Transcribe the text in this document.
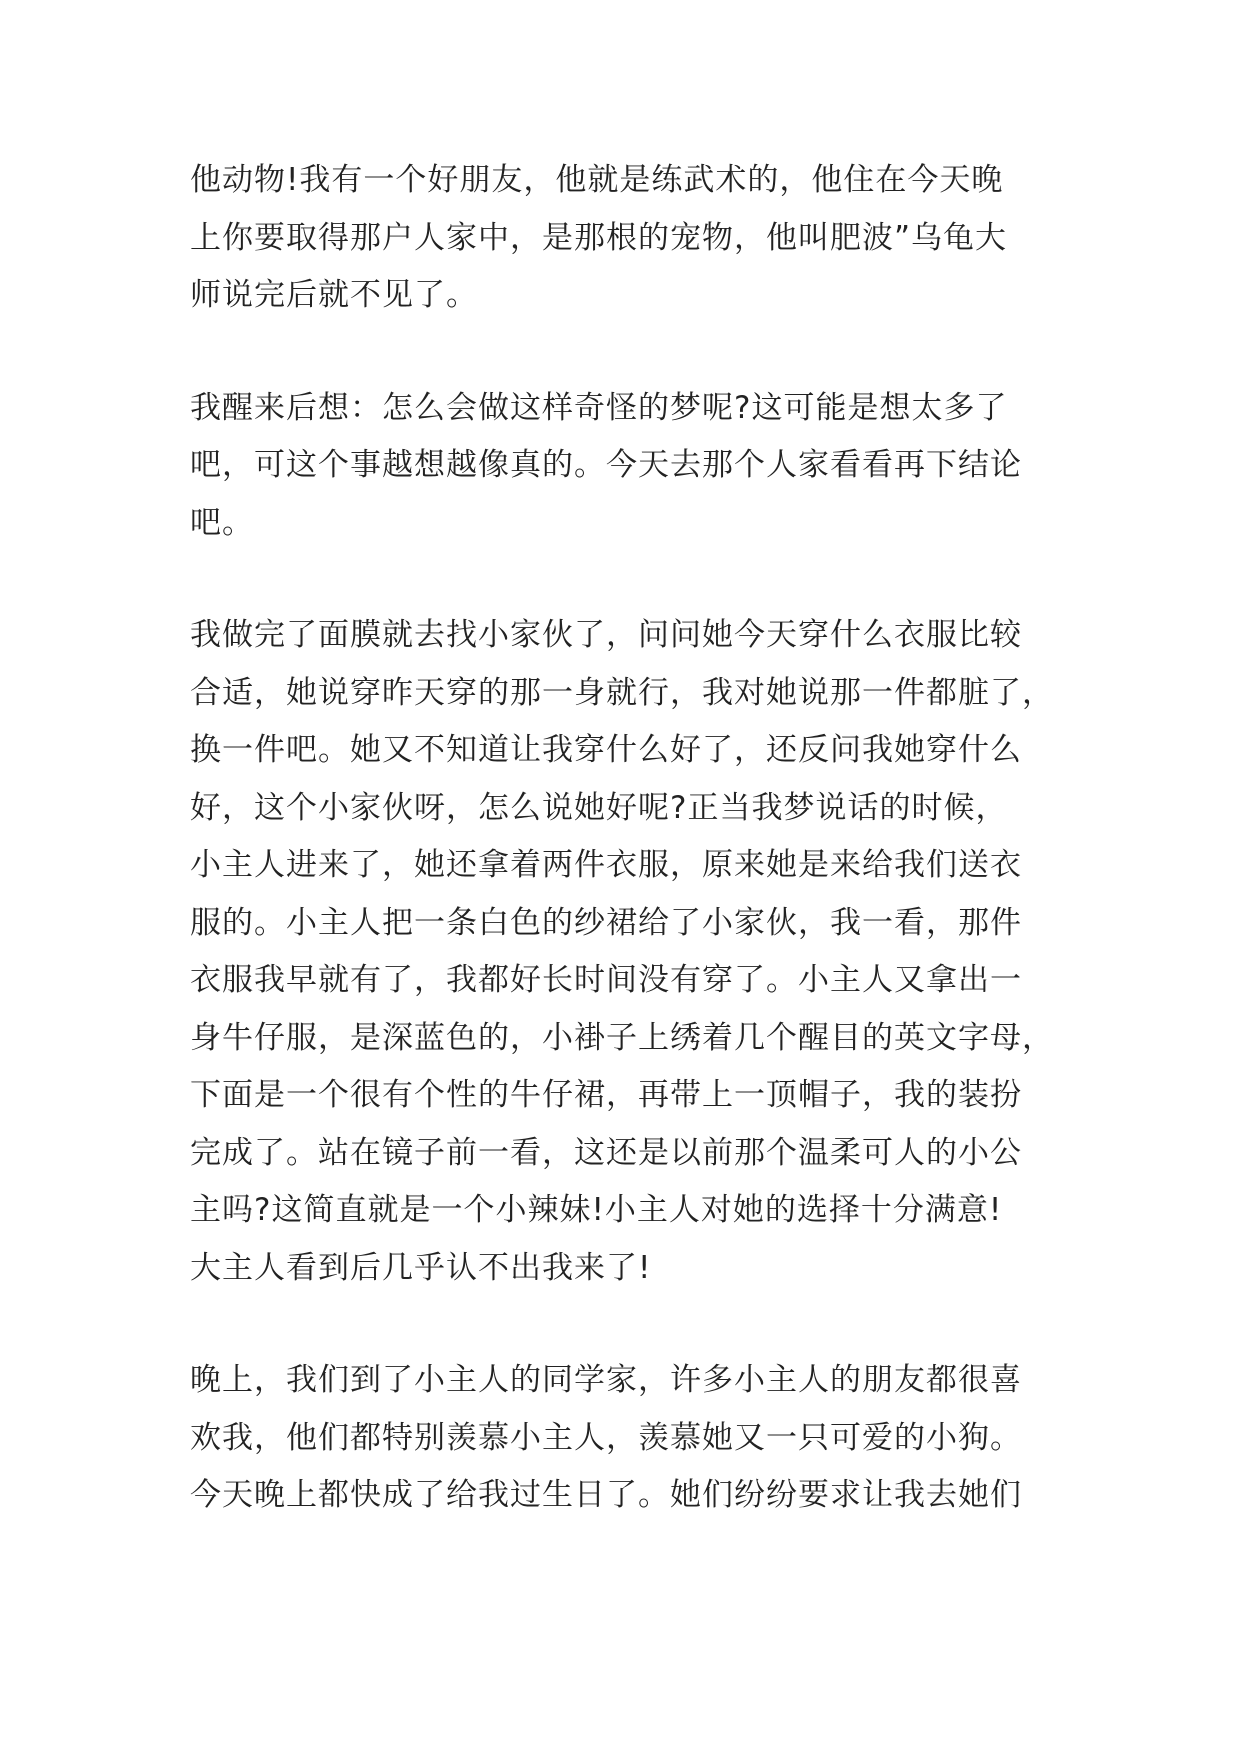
他动物!我有一个好朋友，他就是练武术的，他住在今天晚
上你要取得那户人家中，是那根的宠物，他叫肥波”乌龟大
师说完后就不见了。

我醒来后想：怎么会做这样奇怪的梦呢?这可能是想太多了
吧，可这个事越想越像真的。今天去那个人家看看再下结论
吧。

我做完了面膜就去找小家伙了，问问她今天穿什么衣服比较
合适，她说穿昨天穿的那一身就行，我对她说那一件都脏了，
换一件吧。她又不知道让我穿什么好了，还反问我她穿什么
好，这个小家伙呀，怎么说她好呢?正当我梦说话的时候，
小主人进来了，她还拿着两件衣服，原来她是来给我们送衣
服的。小主人把一条白色的纱裙给了小家伙，我一看，那件
衣服我早就有了，我都好长时间没有穿了。小主人又拿出一
身牛仔服，是深蓝色的，小褂子上绣着几个醒目的英文字母，
下面是一个很有个性的牛仔裙，再带上一顶帽子，我的装扮
完成了。站在镜子前一看，这还是以前那个温柔可人的小公
主吗?这简直就是一个小辣妹!小主人对她的选择十分满意!
大主人看到后几乎认不出我来了!

晚上，我们到了小主人的同学家，许多小主人的朋友都很喜
欢我，他们都特别羡慕小主人，羡慕她又一只可爱的小狗。
今天晚上都快成了给我过生日了。她们纷纷要求让我去她们
